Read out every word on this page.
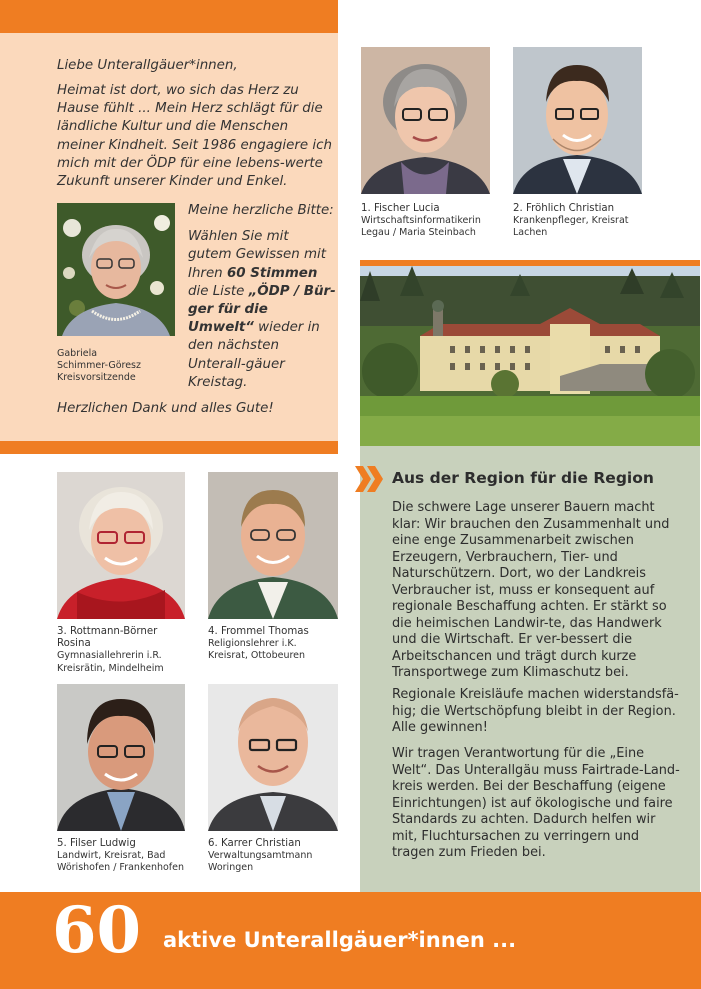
Liebe Unterallgäuer*innen,

Heimat ist dort, wo sich das Herz zu Hause fühlt ... Mein Herz schlägt für die ländliche Kultur und die Menschen meiner Kindheit. Seit 1986 engagiere ich mich mit der ÖDP für eine lebens-werte Zukunft unserer Kinder und Enkel.

Meine herzliche Bitte:
Wählen Sie mit gutem Gewissen mit Ihren 60 Stimmen die Liste „ÖDP / Bür-ger für die Umwelt“ wieder in den nächsten Unterall-gäuer Kreistag.

Herzlichen Dank und alles Gute!

Gabriela
Schimmer-Göresz
Kreisvorsitzende
1. Fischer Lucia
Wirtschaftsinformatikerin
Legau / Maria Steinbach
2. Fröhlich Christian
Krankenpfleger, Kreisrat
Lachen
3. Rottmann-Börner
Rosina
Gymnasiallehrerin i.R.
Kreisrätin, Mindelheim
4. Frommel Thomas
Religionslehrer i.K.
Kreisrat, Ottobeuren
5. Filser Ludwig
Landwirt, Kreisrat, Bad
Wörishofen / Frankenhofen
6. Karrer Christian
Verwaltungsamtmann
Woringen
Aus der Region für die Region

Die schwere Lage unserer Bauern macht klar: Wir brauchen den Zusammenhalt und eine enge Zusammenarbeit zwischen Erzeugern, Verbrauchern, Tier- und Naturschützern. Dort, wo der Landkreis Verbraucher ist, muss er konsequent auf regionale Beschaffung achten. Er stärkt so die heimischen Landwir-te, das Handwerk und die Wirtschaft. Er ver-bessert die Arbeitschancen und trägt durch kurze Transportwege zum Klimaschutz bei.

Regionale Kreisläufe machen widerstandsfä-hig; die Wertschöpfung bleibt in der Region. Alle gewinnen!

Wir tragen Verantwortung für die „Eine Welt“. Das Unterallgäu muss Fairtrade-Land-kreis werden. Bei der Beschaffung (eigene Einrichtungen) ist auf ökologische und faire Standards zu achten. Dadurch helfen wir mit, Fluchtursachen zu verringern und tragen zum Frieden bei.

60 aktive Unterallgäuer*innen ...
